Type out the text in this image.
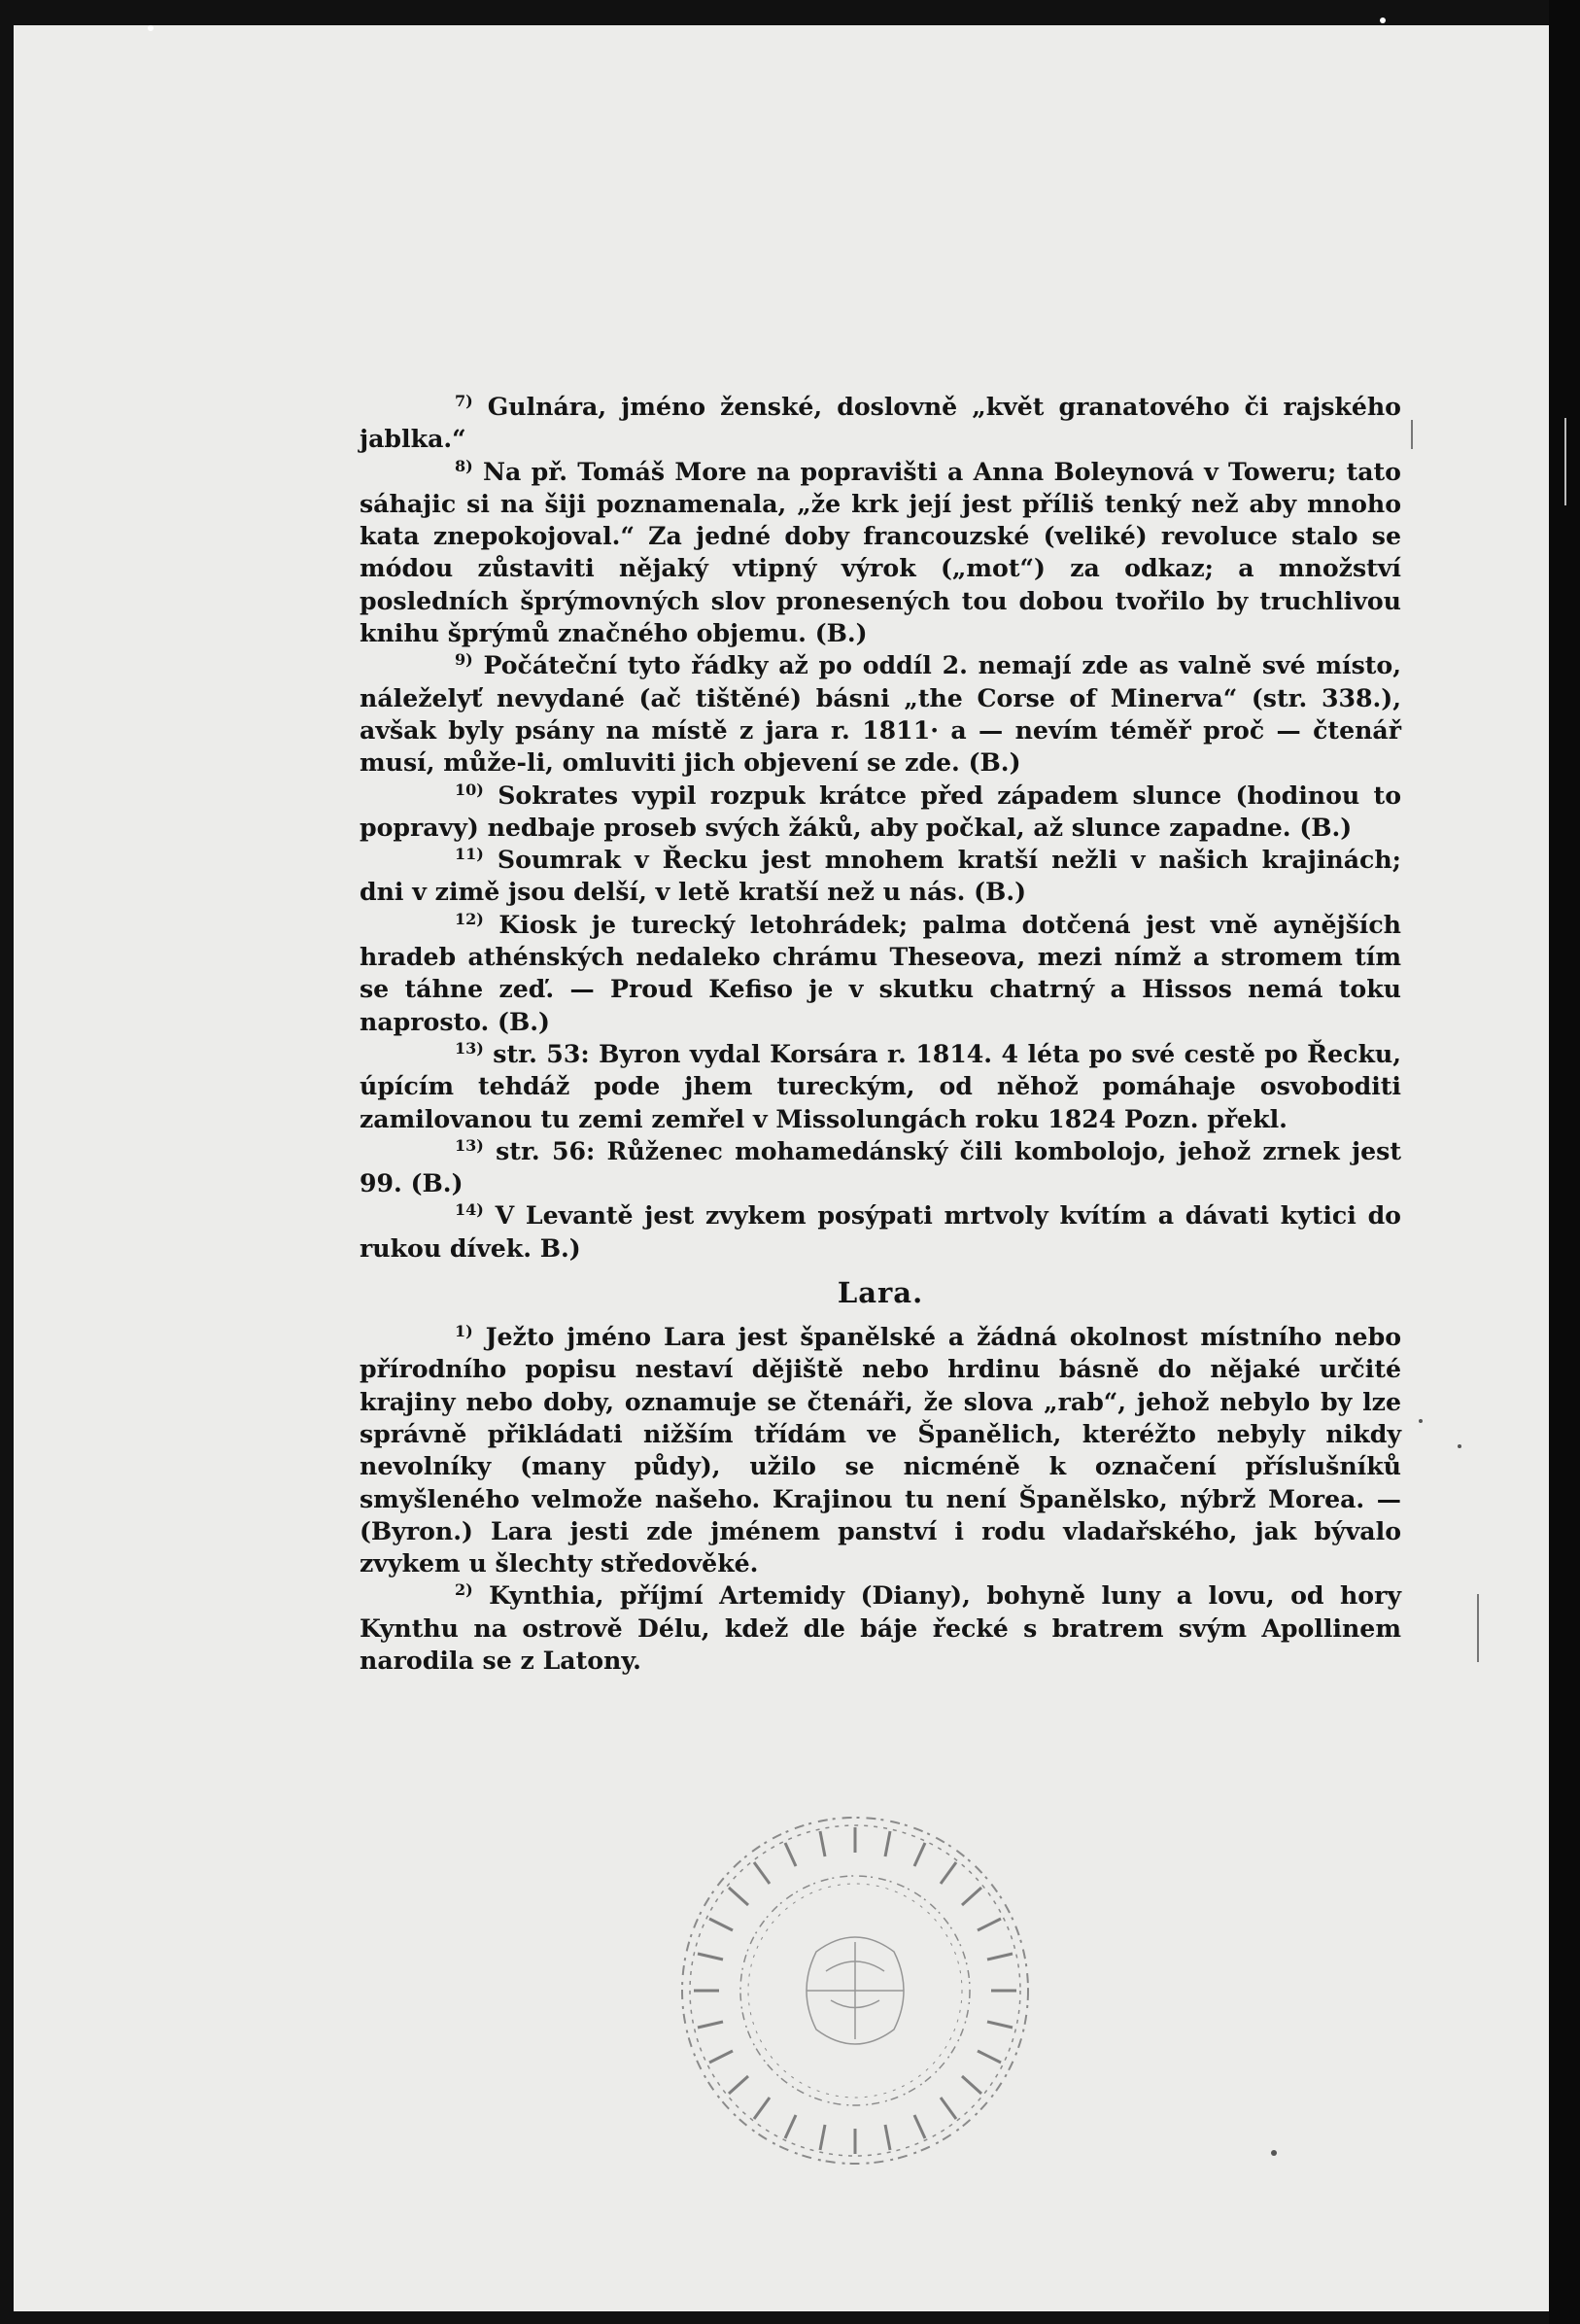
$^{7)}$ Gulnára, jméno ženské, doslovně „květ granatového či rajského jablka.“

$^{8)}$ Na př. Tomáš More na popravišti a Anna Boleynová v Toweru; tato sáhajic si na šiji poznamenala, „že krk její jest příliš tenký než aby mnoho kata znepokojoval.“ Za jedné doby francouzské (veliké) revoluce stalo se módou zůstaviti nějaký vtipný výrok („mot“) za odkaz; a množství posledních šprýmovných slov pronesených tou dobou tvořilo by truchlivou knihu šprýmů značného objemu. (B.)

$^{9)}$ Počáteční tyto řádky až po oddíl 2. nemají zde as valně své místo, náleželyť nevydané (ač tištěné) básni „the Corse of Minerva“ (str. 338.), avšak byly psány na místě z jara r. 1811· a — nevím téměř proč — čtenář musí, může-li, omluviti jich objevení se zde. (B.)

$^{10)}$ Sokrates vypil rozpuk krátce před západem slunce (hodinou to popravy) nedbaje proseb svých žáků, aby počkal, až slunce zapadne. (B.)

$^{11)}$ Soumrak v Řecku jest mnohem kratší nežli v našich krajinách; dni v zimě jsou delší, v letě kratší než u nás. (B.)

$^{12)}$ Kiosk je turecký letohrádek; palma dotčená jest vně aynějších hradeb athénských nedaleko chrámu Theseova, mezi nímž a stromem tím se táhne zeď. — Proud Kefiso je v skutku chatrný a Hissos nemá toku naprosto. (B.)

$^{13)}$ str. 53: Byron vydal Korsára r. 1814. 4 léta po své cestě po Řecku, úpícím tehdáž pode jhem tureckým, od něhož pomáhaje osvoboditi zamilovanou tu zemi zemřel v Missolungách roku 1824 Pozn. překl.

$^{13)}$ str. 56: Růženec mohamedánský čili kombolojo, jehož zrnek jest 99. (B.)

$^{14)}$ V Levantě jest zvykem posýpati mrtvoly kvítím a dávati kytici do rukou dívek. B.)

Lara.

$^{1)}$ Ježto jméno Lara jest španělské a žádná okolnost místního nebo přírodního popisu nestaví dějiště nebo hrdinu básně do nějaké určité krajiny nebo doby, oznamuje se čtenáři, že slova „rab“, jehož nebylo by lze správně přikládati nižším třídám ve Španělich, kteréžto nebyly nikdy nevolníky (many půdy), užilo se nicméně k označení příslušníků smyšleného velmože našeho. Krajinou tu není Španělsko, nýbrž Morea. — (Byron.) Lara jesti zde jménem panství i rodu vladařského, jak bývalo zvykem u šlechty středověké.

$^{2)}$ Kynthia, příjmí Artemidy (Diany), bohyně luny a lovu, od hory Kynthu na ostrově Délu, kdež dle báje řecké s bratrem svým Apollinem narodila se z Latony.
